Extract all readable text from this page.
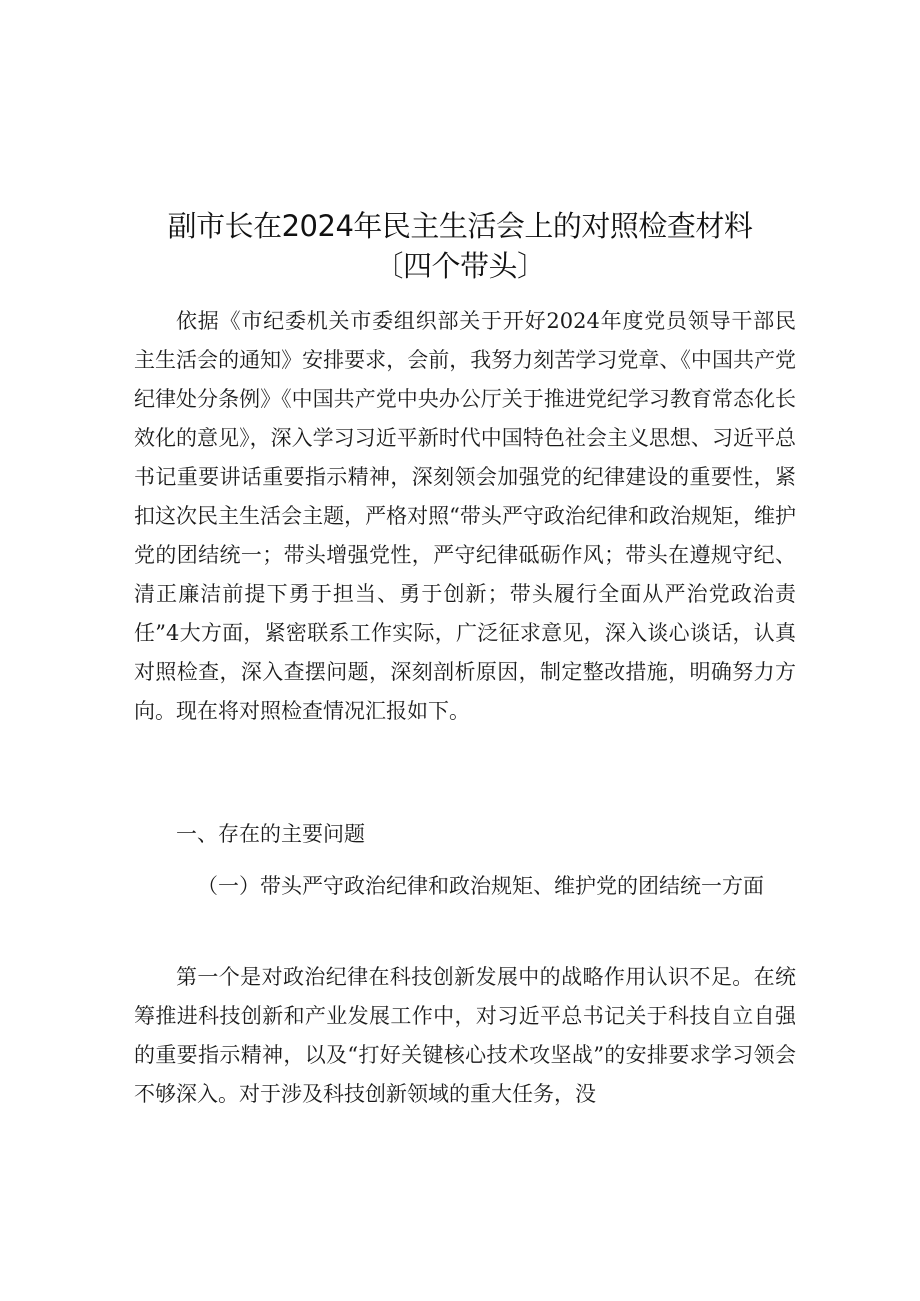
副市长在2024年民主生活会上的对照检查材料
〔四个带头〕

依据《市纪委机关市委组织部关于开好2024年度党员领导干部民主生活会的通知》安排要求，会前，我努力刻苦学习党章、《中国共产党纪律处分条例》《中国共产党中央办公厅关于推进党纪学习教育常态化长效化的意见》，深入学习习近平新时代中国特色社会主义思想、习近平总书记重要讲话重要指示精神，深刻领会加强党的纪律建设的重要性，紧扣这次民主生活会主题，严格对照“带头严守政治纪律和政治规矩，维护党的团结统一；带头增强党性，严守纪律砥砺作风；带头在遵规守纪、清正廉洁前提下勇于担当、勇于创新；带头履行全面从严治党政治责任”4大方面，紧密联系工作实际，广泛征求意见，深入谈心谈话，认真对照检查，深入查摆问题，深刻剖析原因，制定整改措施，明确努力方向。现在将对照检查情况汇报如下。

一、存在的主要问题

（一）带头严守政治纪律和政治规矩、维护党的团结统一方面

第一个是对政治纪律在科技创新发展中的战略作用认识不足。在统筹推进科技创新和产业发展工作中，对习近平总书记关于科技自立自强的重要指示精神，以及“打好关键核心技术攻坚战”的安排要求学习领会不够深入。对于涉及科技创新领域的重大任务，没
